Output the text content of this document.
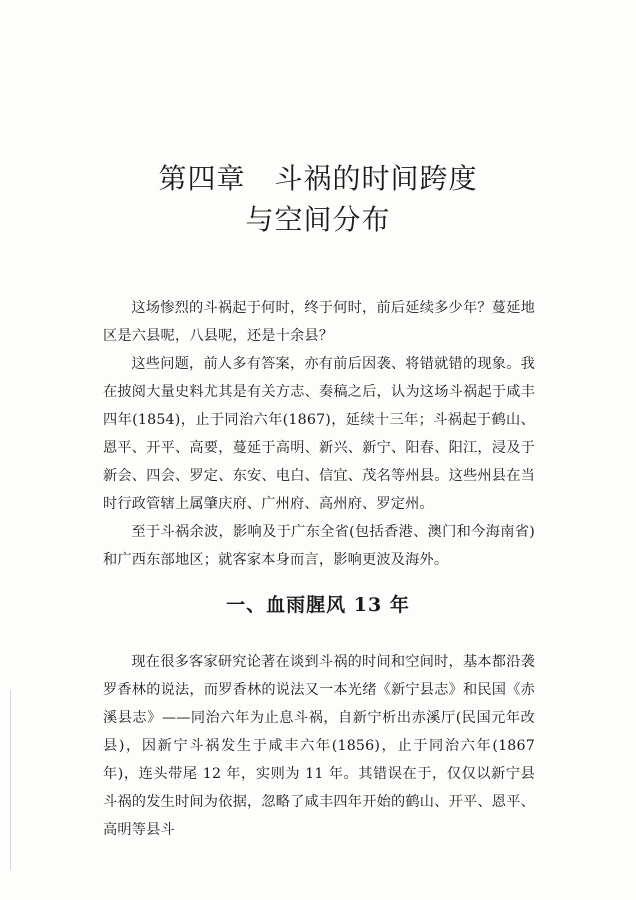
第四章　斗祸的时间跨度
与空间分布

这场惨烈的斗祸起于何时，终于何时，前后延续多少年？蔓延地区是六县呢，八县呢，还是十余县？

这些问题，前人多有答案，亦有前后因袭、将错就错的现象。我在披阅大量史料尤其是有关方志、奏稿之后，认为这场斗祸起于咸丰四年(1854)，止于同治六年(1867)，延续十三年；斗祸起于鹤山、恩平、开平、高要，蔓延于高明、新兴、新宁、阳春、阳江，浸及于新会、四会、罗定、东安、电白、信宜、茂名等州县。这些州县在当时行政管辖上属肇庆府、广州府、高州府、罗定州。

至于斗祸余波，影响及于广东全省(包括香港、澳门和今海南省)和广西东部地区；就客家本身而言，影响更波及海外。

一、血雨腥风 13 年

现在很多客家研究论著在谈到斗祸的时间和空间时，基本都沿袭罗香林的说法，而罗香林的说法又一本光绪《新宁县志》和民国《赤溪县志》——同治六年为止息斗祸，自新宁析出赤溪厅(民国元年改县)，因新宁斗祸发生于咸丰六年(1856)，止于同治六年(1867 年)，连头带尾 12 年，实则为 11 年。其错误在于，仅仅以新宁县斗祸的发生时间为依据，忽略了咸丰四年开始的鹤山、开平、恩平、高明等县斗
